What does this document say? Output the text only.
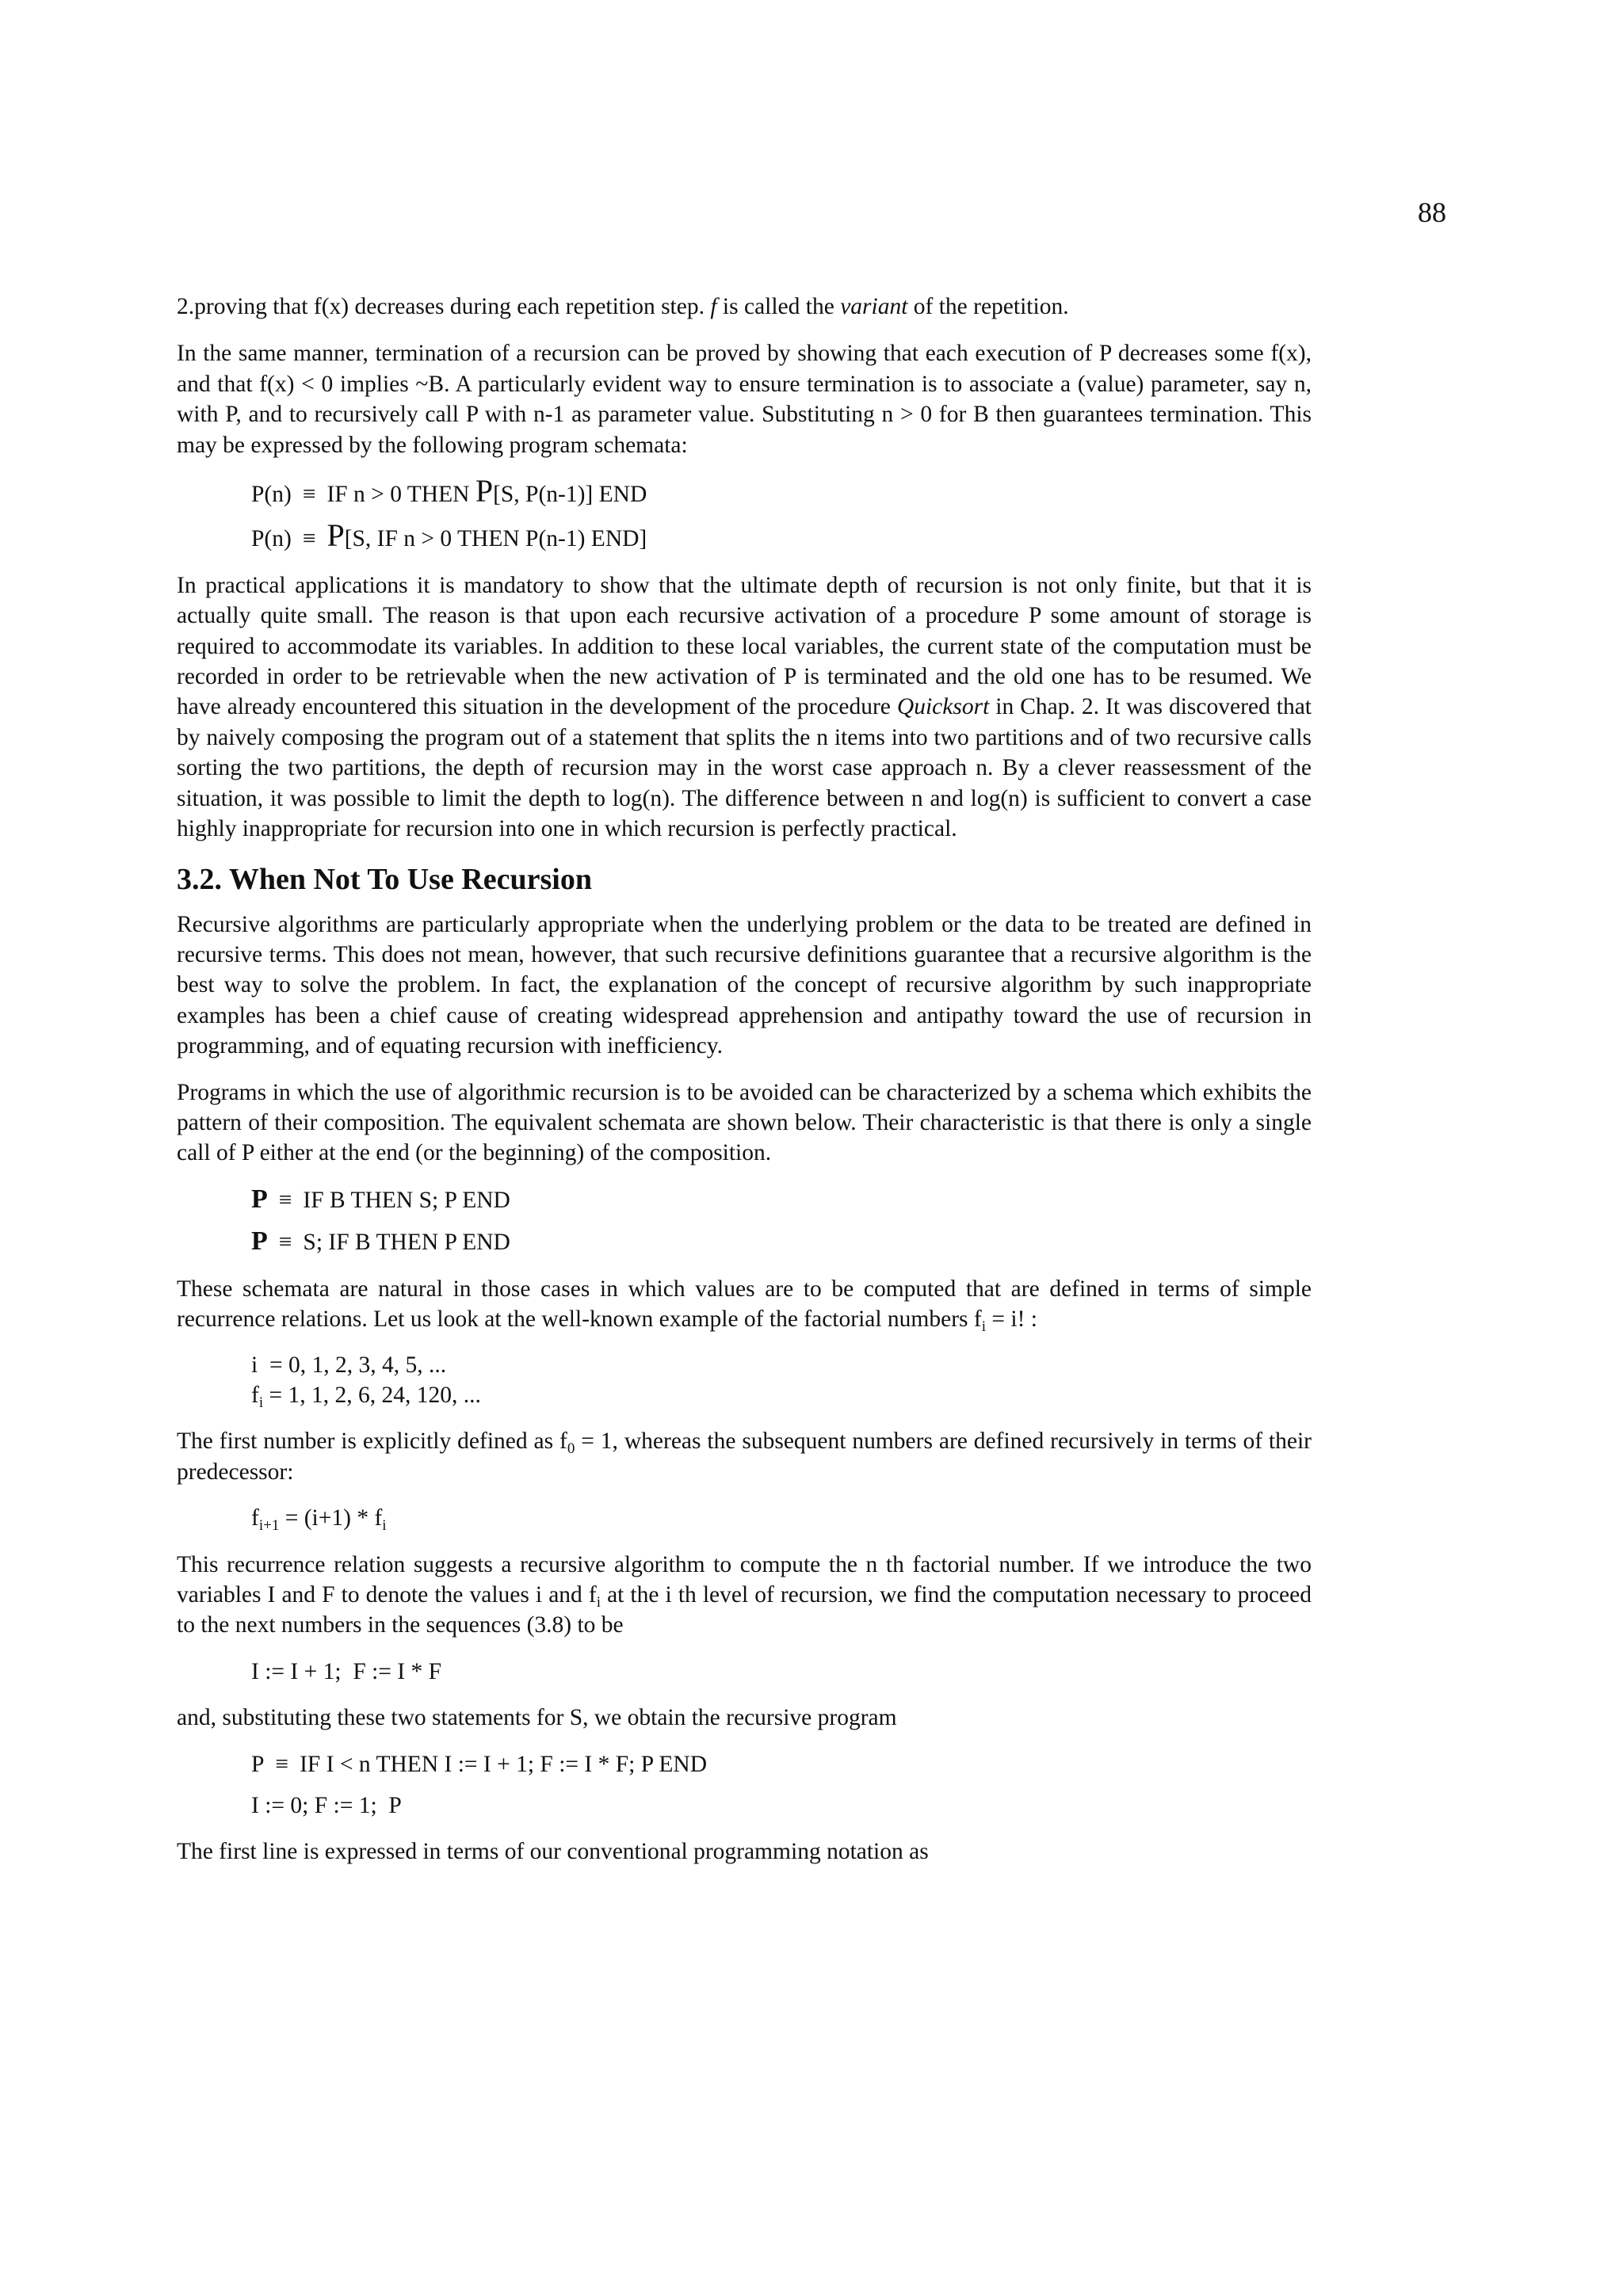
88

2.proving that f(x) decreases during each repetition step. f is called the variant of the repetition.

In the same manner, termination of a recursion can be proved by showing that each execution of P decreases some f(x), and that f(x) < 0 implies ~B. A particularly evident way to ensure termination is to associate a (value) parameter, say n, with P, and to recursively call P with n-1 as parameter value. Substituting n > 0 for B then guarantees termination. This may be expressed by the following program schemata:

P(n) ≡ IF n > 0 THEN P[S, P(n-1)] END
P(n) ≡ P[S, IF n > 0 THEN P(n-1) END]

In practical applications it is mandatory to show that the ultimate depth of recursion is not only finite, but that it is actually quite small. The reason is that upon each recursive activation of a procedure P some amount of storage is required to accommodate its variables. In addition to these local variables, the current state of the computation must be recorded in order to be retrievable when the new activation of P is terminated and the old one has to be resumed. We have already encountered this situation in the development of the procedure Quicksort in Chap. 2. It was discovered that by naively composing the program out of a statement that splits the n items into two partitions and of two recursive calls sorting the two partitions, the depth of recursion may in the worst case approach n. By a clever reassessment of the situation, it was possible to limit the depth to log(n). The difference between n and log(n) is sufficient to convert a case highly inappropriate for recursion into one in which recursion is perfectly practical.

3.2. When Not To Use Recursion

Recursive algorithms are particularly appropriate when the underlying problem or the data to be treated are defined in recursive terms. This does not mean, however, that such recursive definitions guarantee that a recursive algorithm is the best way to solve the problem. In fact, the explanation of the concept of recursive algorithm by such inappropriate examples has been a chief cause of creating widespread apprehension and antipathy toward the use of recursion in programming, and of equating recursion with inefficiency.

Programs in which the use of algorithmic recursion is to be avoided can be characterized by a schema which exhibits the pattern of their composition. The equivalent schemata are shown below. Their characteristic is that there is only a single call of P either at the end (or the beginning) of the composition.

P ≡ IF B THEN S; P END
P ≡ S; IF B THEN P END

These schemata are natural in those cases in which values are to be computed that are defined in terms of simple recurrence relations. Let us look at the well-known example of the factorial numbers $f_i = i$! :

i  = 0, 1, 2, 3, 4, 5, ...
$f_i = 1$, 1, 2, 6, 24, 120, ...

The first number is explicitly defined as $f_0 = 1$, whereas the subsequent numbers are defined recursively in terms of their predecessor:

$f_{i+1} = (i+1) * f_i$

This recurrence relation suggests a recursive algorithm to compute the n th factorial number. If we introduce the two variables I and F to denote the values i and $f_i$ at the i th level of recursion, we find the computation necessary to proceed to the next numbers in the sequences (3.8) to be

I := I + 1;  F := I * F

and, substituting these two statements for S, we obtain the recursive program

P ≡ IF I < n THEN I := I + 1; F := I * F; P END
I := 0; F := 1;  P

The first line is expressed in terms of our conventional programming notation as
